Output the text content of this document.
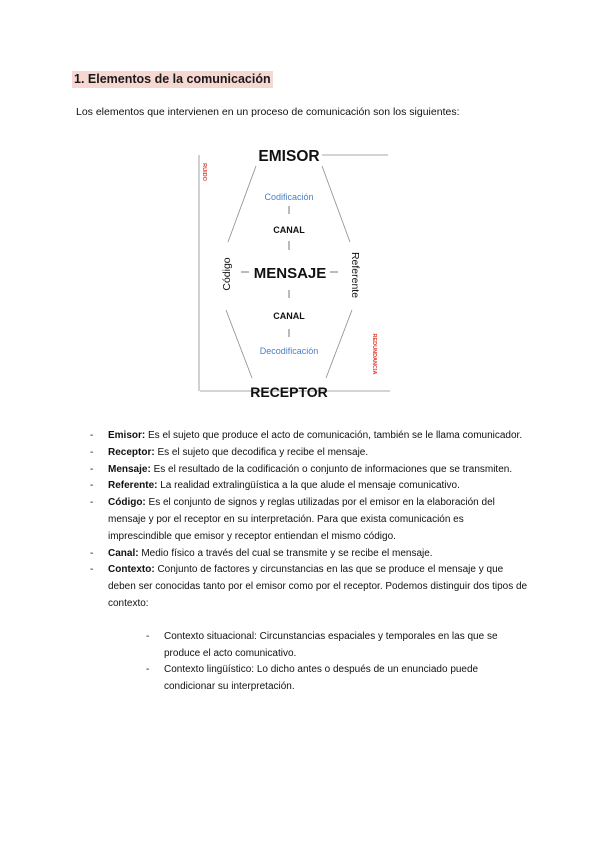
1. Elementos de la comunicación
Los elementos que intervienen en un proceso de comunicación son los siguientes:
EMISOR
Codificación
CANAL
MENSAJE
CANAL
Decodificación
RECEPTOR
Código	Referente
RUIDO
REDUNDANCIA
- Emisor: Es el sujeto que produce el acto de comunicación, también se le llama comunicador.
- Receptor: Es el sujeto que decodifica y recibe el mensaje.
- Mensaje: Es el resultado de la codificación o conjunto de informaciones que se transmiten.
- Referente: La realidad extralingüística a la que alude el mensaje comunicativo.
- Código: Es el conjunto de signos y reglas utilizadas por el emisor en la elaboración del mensaje y por el receptor en su interpretación. Para que exista comunicación es imprescindible que emisor y receptor entiendan el mismo código.
- Canal: Medio físico a través del cual se transmite y se recibe el mensaje.
- Contexto: Conjunto de factores y circunstancias en las que se produce el mensaje y que deben ser conocidas tanto por el emisor como por el receptor. Podemos distinguir dos tipos de contexto:
- Contexto situacional: Circunstancias espaciales y temporales en las que se produce el acto comunicativo.
- Contexto lingüístico: Lo dicho antes o después de un enunciado puede condicionar su interpretación.
